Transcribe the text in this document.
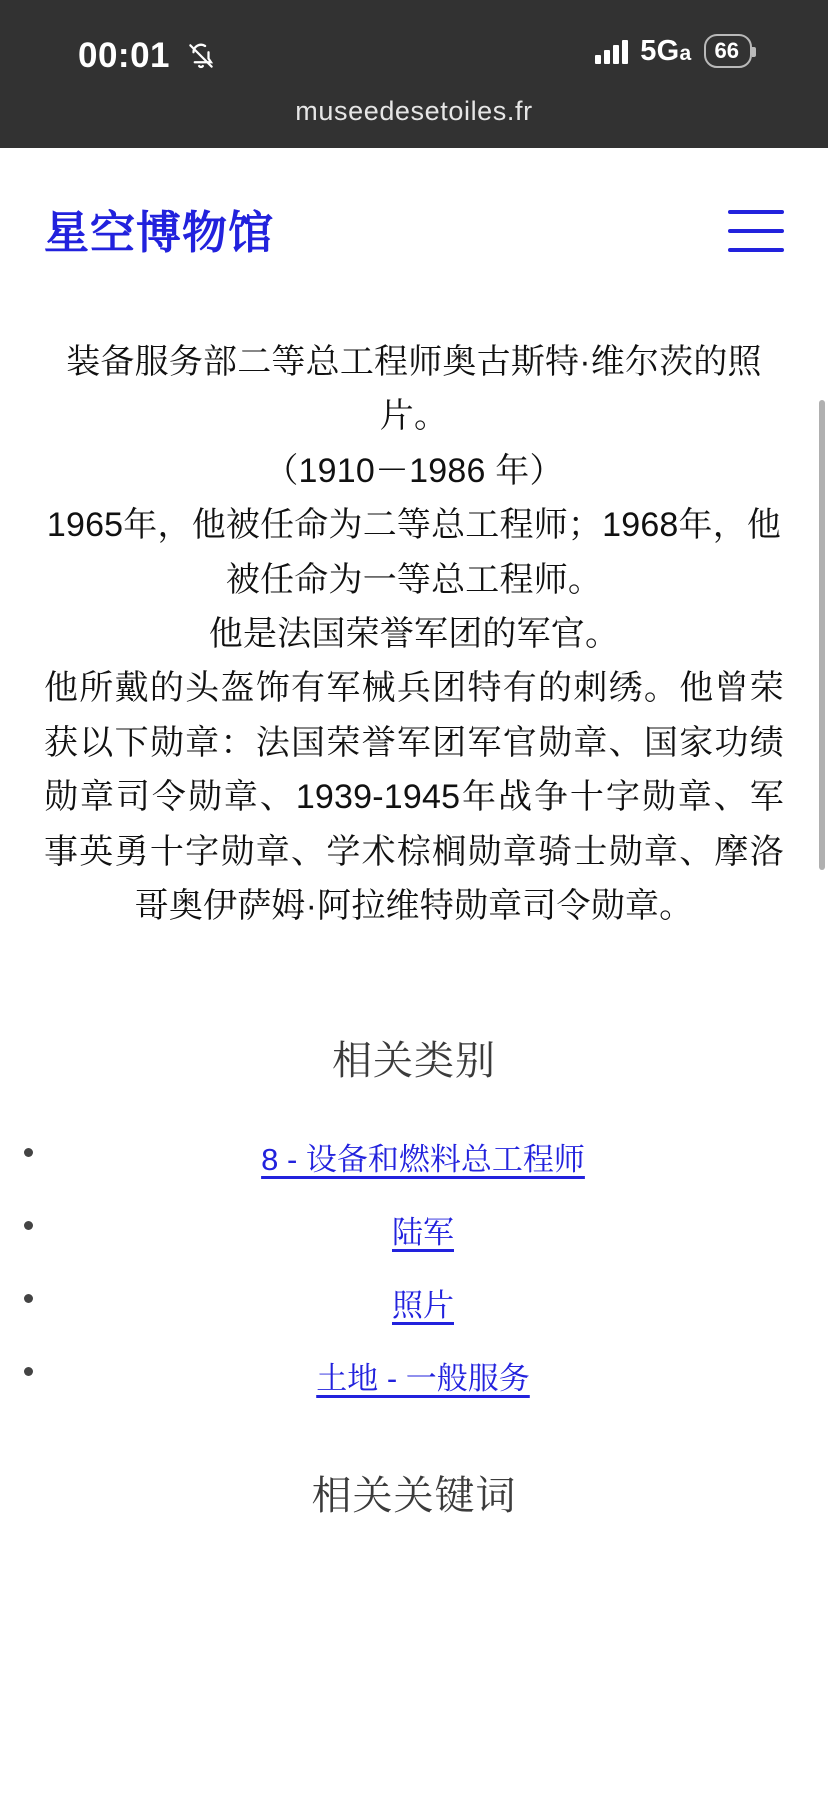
00:01	5Ga 66
museedesetoiles.fr
星空博物馆

装备服务部二等总工程师奥古斯特·维尔茨的照片。

（1910－1986 年）

1965年，他被任命为二等总工程师；1968年，他被任命为一等总工程师。

他是法国荣誉军团的军官。

他所戴的头盔饰有军械兵团特有的刺绣。他曾荣获以下勋章：法国荣誉军团军官勋章、国家功绩勋章司令勋章、1939-1945年战争十字勋章、军事英勇十字勋章、学术棕榈勋章骑士勋章、摩洛哥奥伊萨姆·阿拉维特勋章司令勋章。

相关类别
8 - 设备和燃料总工程师
陆军
照片
土地 - 一般服务
相关关键词
